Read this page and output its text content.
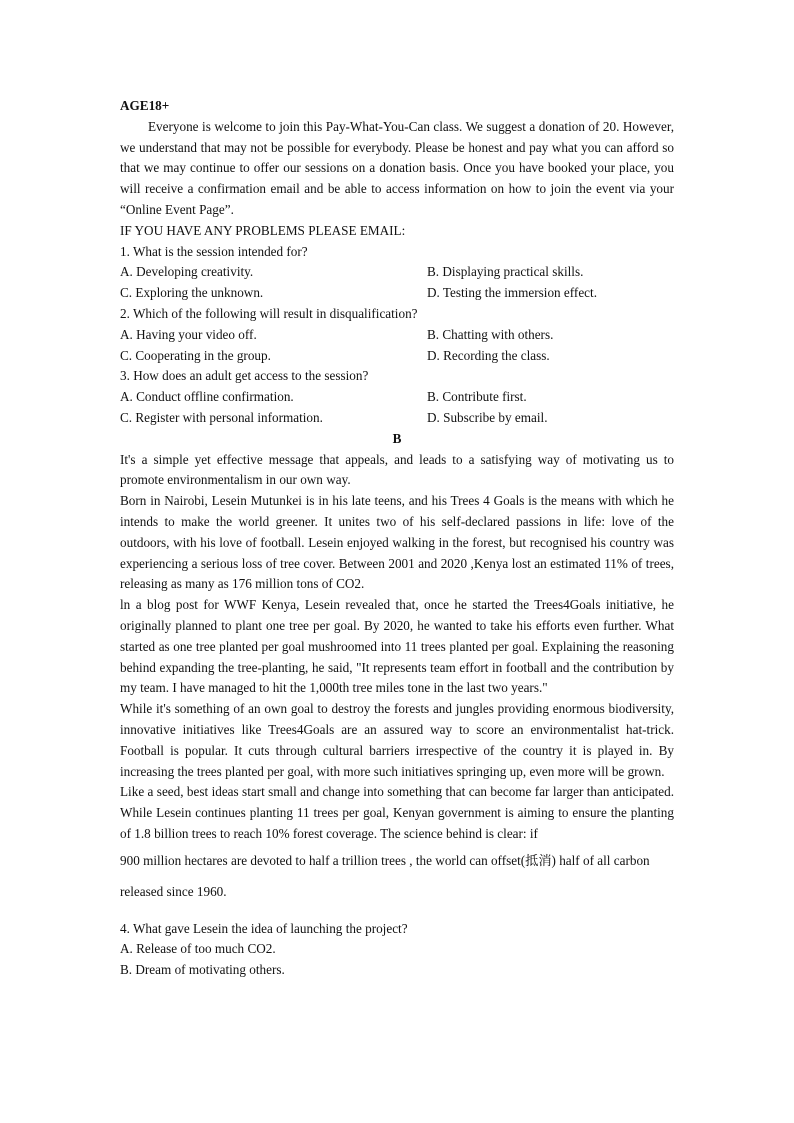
AGE18+
Everyone is welcome to join this Pay-What-You-Can class. We suggest a donation of 20. However, we understand that may not be possible for everybody. Please be honest and pay what you can afford so that we may continue to offer our sessions on a donation basis. Once you have booked your place, you will receive a confirmation email and be able to access information on how to join the event via your “Online Event Page”.
IF YOU HAVE ANY PROBLEMS PLEASE EMAIL:
1. What is the session intended for?
A. Developing creativity.	B. Displaying practical skills.
C. Exploring the unknown.	D. Testing the immersion effect.
2. Which of the following will result in disqualification?
A. Having your video off.	B. Chatting with others.
C. Cooperating in the group.	D. Recording the class.
3. How does an adult get access to the session?
A. Conduct offline confirmation.	B. Contribute first.
C. Register with personal information.	D. Subscribe by email.
B
It's a simple yet effective message that appeals, and leads to a satisfying way of motivating us to promote environmentalism in our own way.
Born in Nairobi, Lesein Mutunkei is in his late teens, and his Trees 4 Goals is the means with which he intends to make the world greener. It unites two of his self-declared passions in life: love of the outdoors, with his love of football. Lesein enjoyed walking in the forest, but recognised his country was experiencing a serious loss of tree cover. Between 2001 and 2020 ,Kenya lost an estimated 11% of trees, releasing as many as 176 million tons of CO2.
ln a blog post for WWF Kenya, Lesein revealed that, once he started the Trees4Goals initiative, he originally planned to plant one tree per goal. By 2020, he wanted to take his efforts even further. What started as one tree planted per goal mushroomed into 11 trees planted per goal. Explaining the reasoning behind expanding the tree-planting, he said, "It represents team effort in football and the contribution by my team. I have managed to hit the 1,000th tree miles tone in the last two years."
While it's something of an own goal to destroy the forests and jungles providing enormous biodiversity, innovative initiatives like Trees4Goals are an assured way to score an environmentalist hat-trick. Football is popular. It cuts through cultural barriers irrespective of the country it is played in. By increasing the trees planted per goal, with more such initiatives springing up, even more will be grown.
Like a seed, best ideas start small and change into something that can become far larger than anticipated. While Lesein continues planting 11 trees per goal, Kenyan government is aiming to ensure the planting of 1.8 billion trees to reach 10% forest coverage. The science behind is clear: if
900 million hectares are devoted to half a trillion trees , the world can offset(抵消) half of all carbon
released since 1960.
4. What gave Lesein the idea of launching the project?
A. Release of too much CO2.
B. Dream of motivating others.
